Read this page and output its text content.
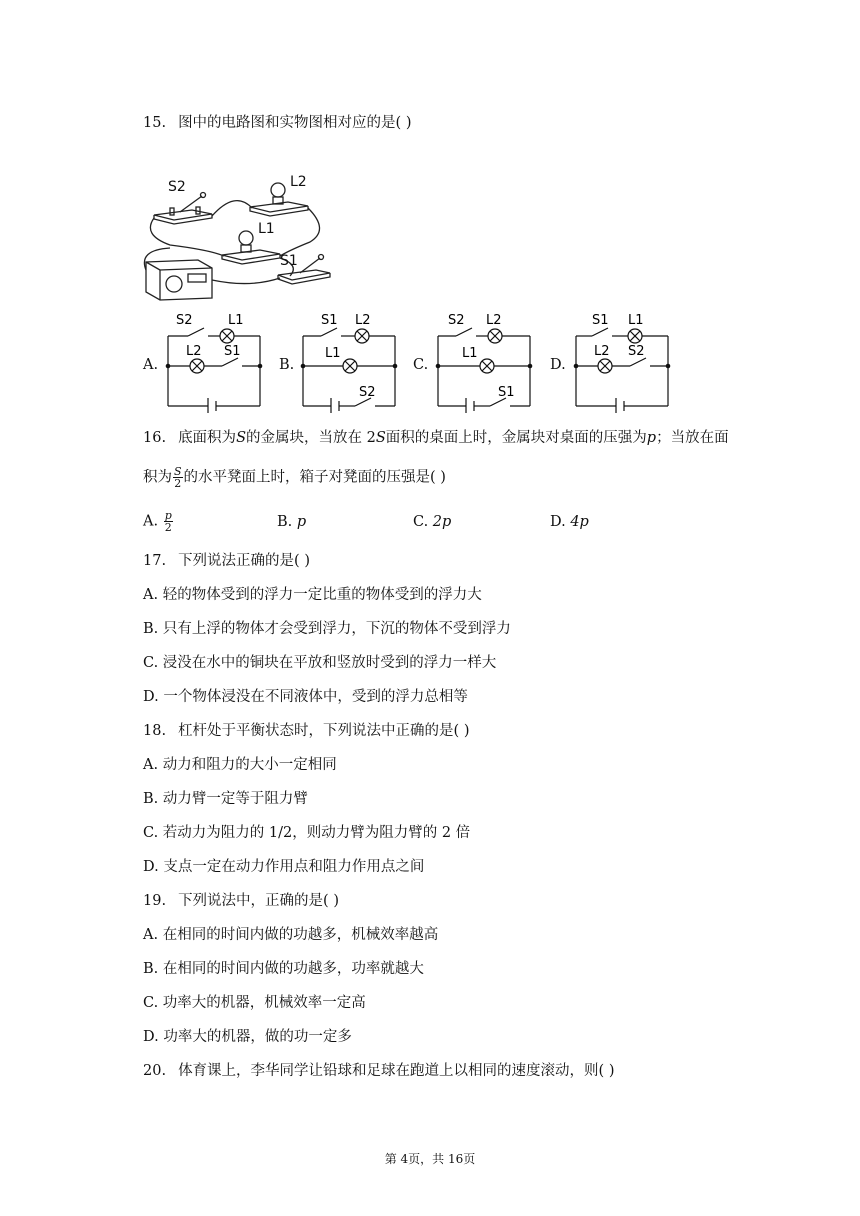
15. 图中的电路图和实物图相对应的是( )
S2	L2
L1
S1
A.
S2	L1
L2 S1
B.
S1 L2
L1
S2
C.
S2 L2
L1
S1
D.
S1 L1
L2 S2
16. 底面积为S的金属块，当放在 2S面积的桌面上时，金属块对桌面的压强为p；当放在面
积为 $\frac{S}{2}$ 的水平凳面上时，箱子对凳面的压强是( )
A. $\frac{p}{2}$	B. p	C. 2p	D. 4p
17. 下列说法正确的是( )
A. 轻的物体受到的浮力一定比重的物体受到的浮力大
B. 只有上浮的物体才会受到浮力，下沉的物体不受到浮力
C. 浸没在水中的铜块在平放和竖放时受到的浮力一样大
D. 一个物体浸没在不同液体中，受到的浮力总相等
18. 杠杆处于平衡状态时，下列说法中正确的是( )
A. 动力和阻力的大小一定相同
B. 动力臂一定等于阻力臂
C. 若动力为阻力的 1/2，则动力臂为阻力臂的 2 倍
D. 支点一定在动力作用点和阻力作用点之间
19. 下列说法中，正确的是( )
A. 在相同的时间内做的功越多，机械效率越高
B. 在相同的时间内做的功越多，功率就越大
C. 功率大的机器，机械效率一定高
D. 功率大的机器，做的功一定多
20. 体育课上，李华同学让铅球和足球在跑道上以相同的速度滚动，则( )
第 4页，共 16页
